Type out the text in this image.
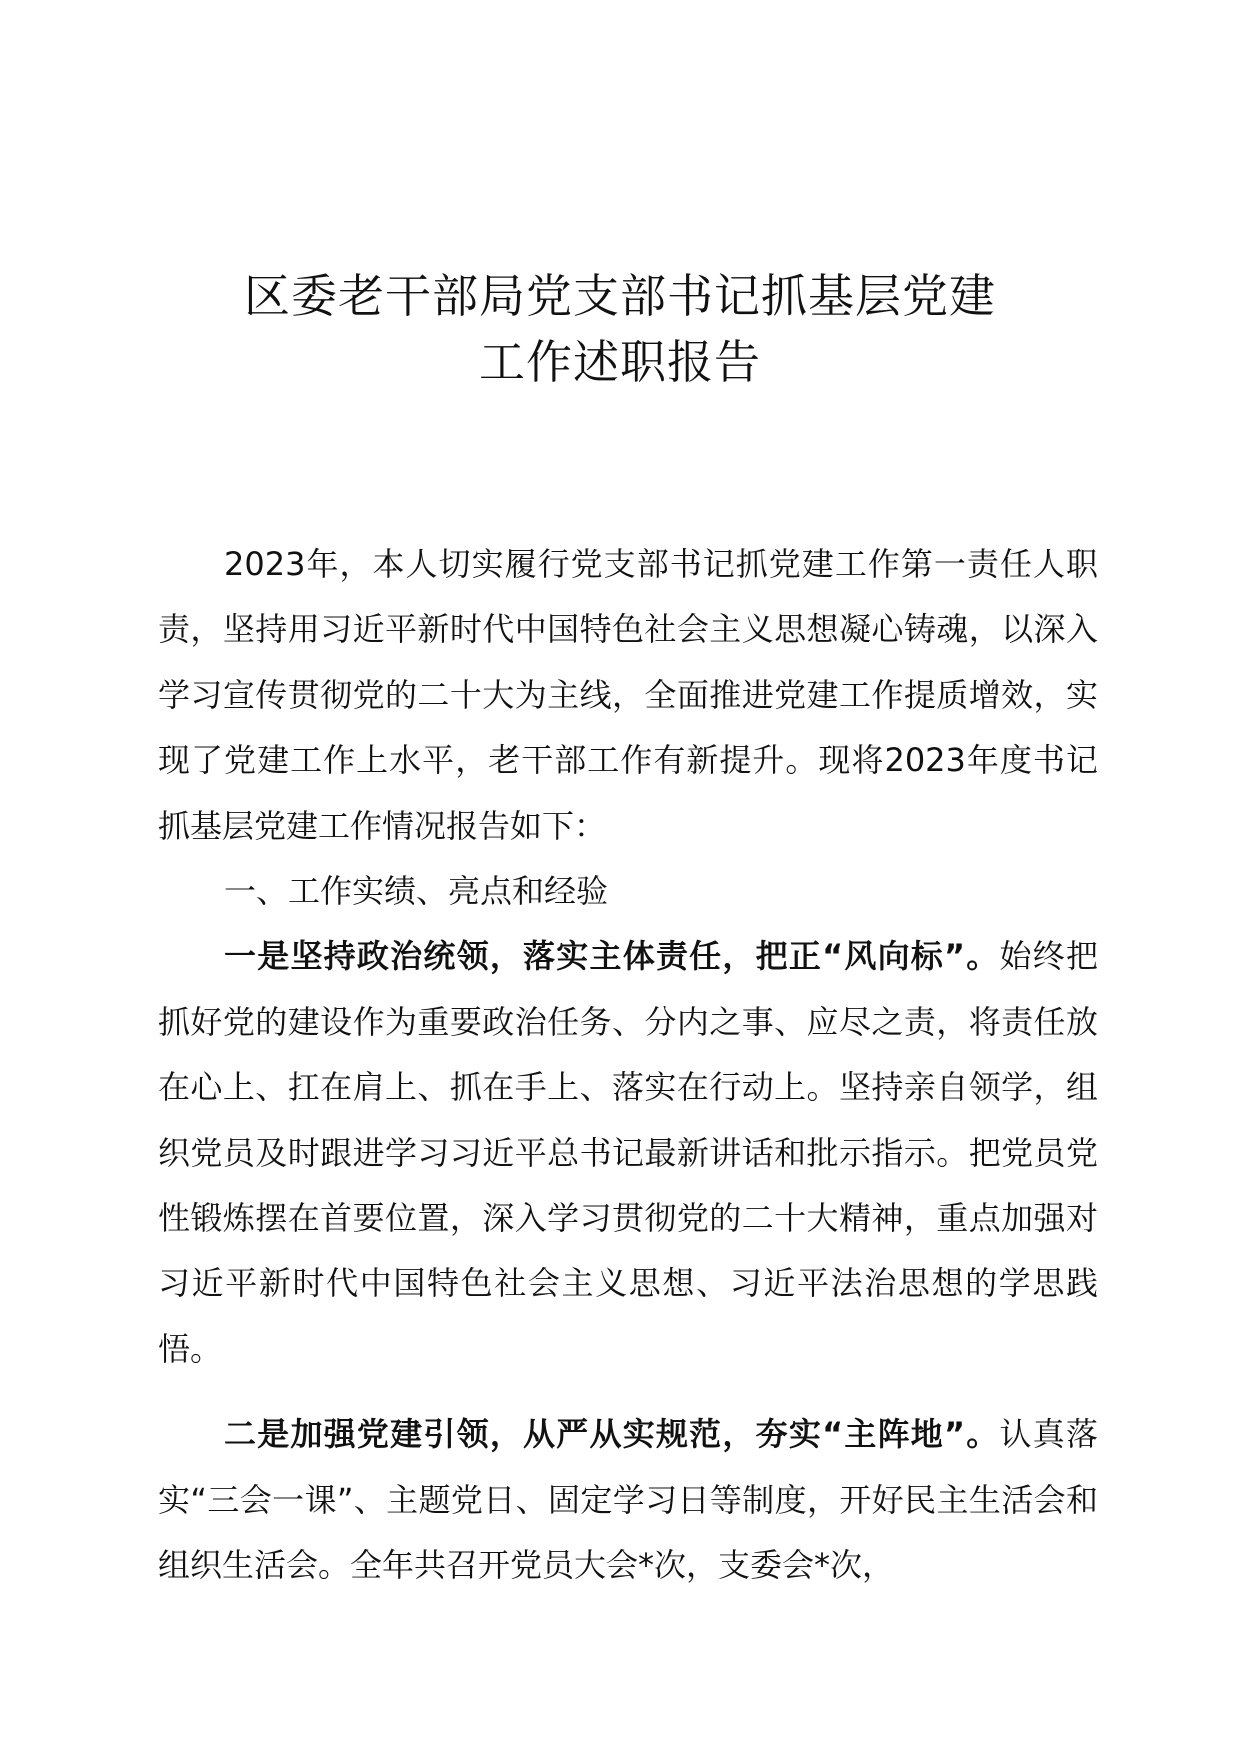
区委老干部局党支部书记抓基层党建
工作述职报告

2023年，本人切实履行党支部书记抓党建工作第一责任人职责，坚持用习近平新时代中国特色社会主义思想凝心铸魂，以深入学习宣传贯彻党的二十大为主线，全面推进党建工作提质增效，实现了党建工作上水平，老干部工作有新提升。现将2023年度书记抓基层党建工作情况报告如下：

一、工作实绩、亮点和经验

一是坚持政治统领，落实主体责任，把正“风向标”。始终把抓好党的建设作为重要政治任务、分内之事、应尽之责，将责任放在心上、扛在肩上、抓在手上、落实在行动上。坚持亲自领学，组织党员及时跟进学习习近平总书记最新讲话和批示指示。把党员党性锻炼摆在首要位置，深入学习贯彻党的二十大精神，重点加强对习近平新时代中国特色社会主义思想、习近平法治思想的学思践悟。

二是加强党建引领，从严从实规范，夯实“主阵地”。认真落实“三会一课”、主题党日、固定学习日等制度，开好民主生活会和组织生活会。全年共召开党员大会*次，支委会*次，
